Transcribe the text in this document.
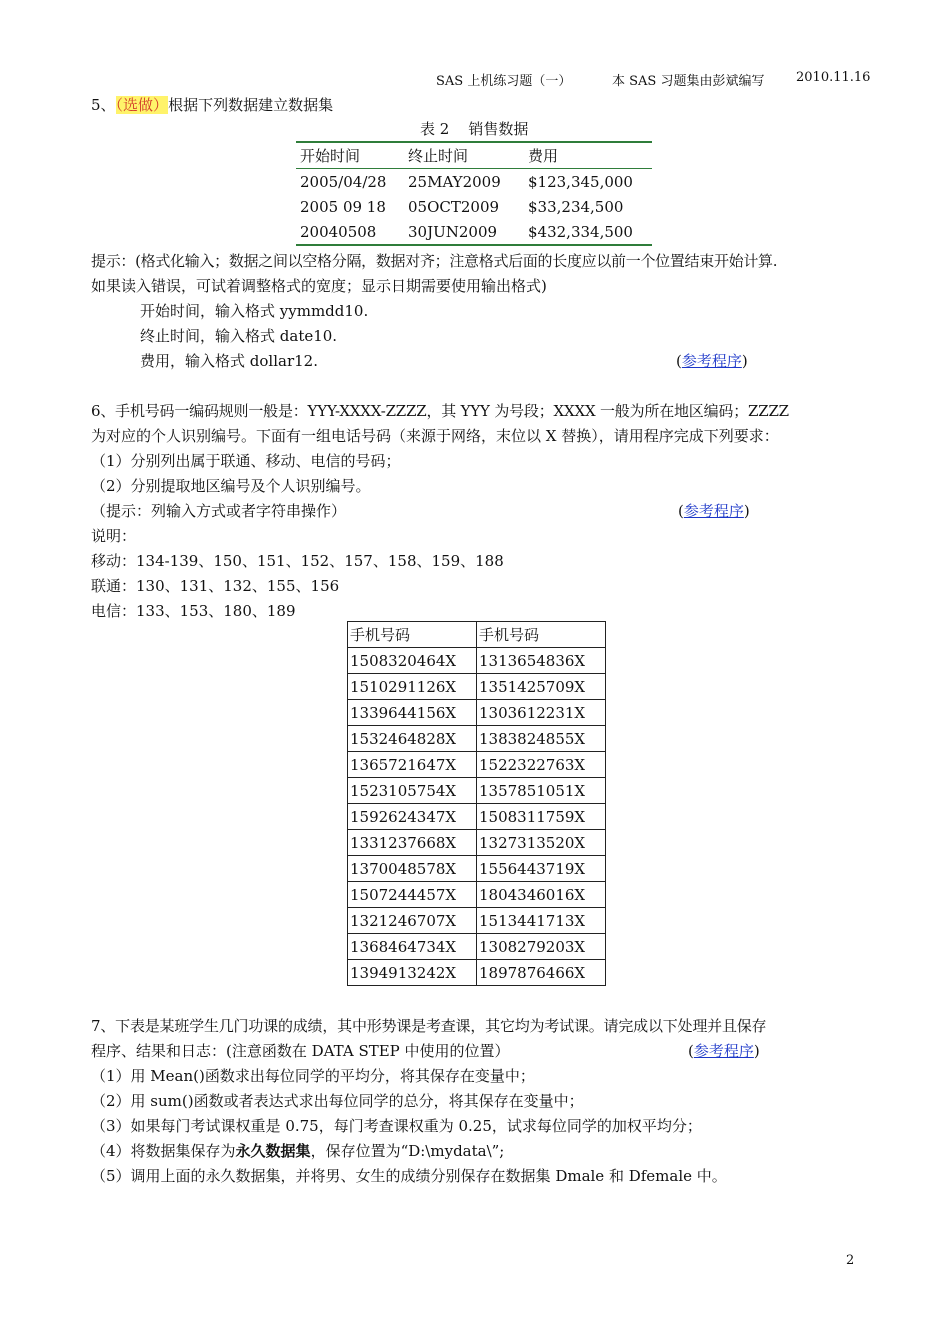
SAS 上机练习题（一）	本 SAS 习题集由彭斌编写 2010.11.16
5、（选做）根据下列数据建立数据集
表 2    销售数据
开始时间	终止时间	费用
2005/04/28	25MAY2009	$123,345,000
2005 09 18	05OCT2009	$33,234,500
20040508	30JUN2009	$432,334,500
提示：(格式化输入；数据之间以空格分隔，数据对齐；注意格式后面的长度应以前一个位置结束开始计算.
如果读入错误，可试着调整格式的宽度；显示日期需要使用输出格式)
开始时间，输入格式 yymmdd10.
终止时间，输入格式 date10.
费用，输入格式 dollar12.	(参考程序)
6、手机号码一编码规则一般是：YYY-XXXX-ZZZZ，其 YYY 为号段；XXXX 一般为所在地区编码；ZZZZ
为对应的个人识别编号。下面有一组电话号码（来源于网络，末位以 X 替换），请用程序完成下列要求：
（1）分别列出属于联通、移动、电信的号码；
（2）分别提取地区编号及个人识别编号。
（提示：列输入方式或者字符串操作）	(参考程序)
说明：
移动：134-139、150、151、152、157、158、159、188
联通：130、131、132、155、156
电信：133、153、180、189
手机号码	手机号码
1508320464X	1313654836X
1510291126X	1351425709X
1339644156X	1303612231X
1532464828X	1383824855X
1365721647X	1522322763X
1523105754X	1357851051X
1592624347X	1508311759X
1331237668X	1327313520X
1370048578X	1556443719X
1507244457X	1804346016X
1321246707X	1513441713X
1368464734X	1308279203X
1394913242X	1897876466X
7、下表是某班学生几门功课的成绩，其中形势课是考查课，其它均为考试课。请完成以下处理并且保存
程序、结果和日志：(注意函数在 DATA STEP 中使用的位置）	(参考程序)
（1）用 Mean()函数求出每位同学的平均分，将其保存在变量中；
（2）用 sum()函数或者表达式求出每位同学的总分，将其保存在变量中；
（3）如果每门考试课权重是 0.75，每门考查课权重为 0.25，试求每位同学的加权平均分；
（4）将数据集保存为永久数据集，保存位置为“D:\mydata\”;
（5）调用上面的永久数据集，并将男、女生的成绩分别保存在数据集 Dmale 和 Dfemale 中。
2
